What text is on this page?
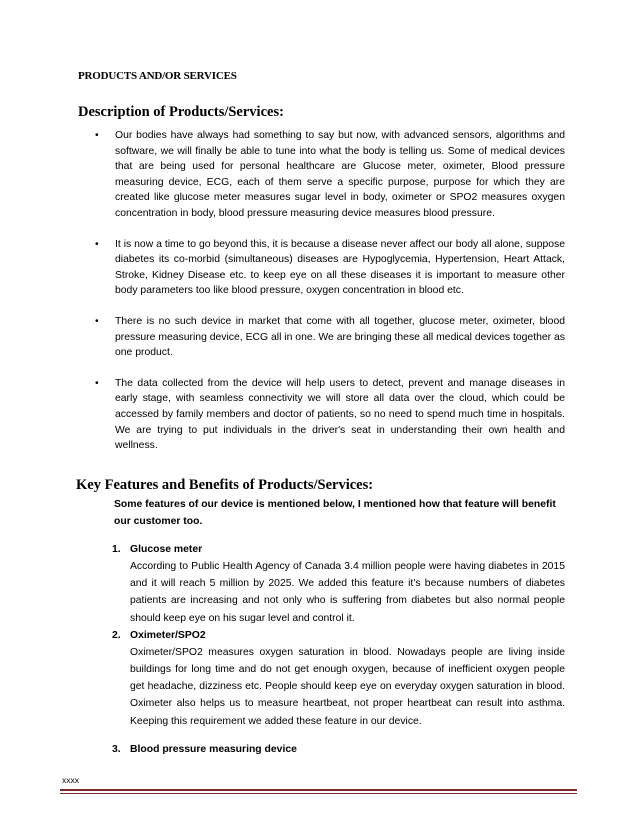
PRODUCTS AND/OR SERVICES
Description of Products/Services:
• Our bodies have always had something to say but now, with advanced sensors, algorithms and software, we will finally be able to tune into what the body is telling us. Some of medical devices that are being used for personal healthcare are Glucose meter, oximeter, Blood pressure measuring device, ECG, each of them serve a specific purpose, purpose for which they are created like glucose meter measures sugar level in body, oximeter or SPO2 measures oxygen concentration in body, blood pressure measuring device measures blood pressure.
• It is now a time to go beyond this, it is because a disease never affect our body all alone, suppose diabetes its co-morbid (simultaneous) diseases are Hypoglycemia, Hypertension, Heart Attack, Stroke, Kidney Disease etc. to keep eye on all these diseases it is important to measure other body parameters too like blood pressure, oxygen concentration in blood etc.
• There is no such device in market that come with all together, glucose meter, oximeter, blood pressure measuring device, ECG all in one. We are bringing these all medical devices together as one product.
• The data collected from the device will help users to detect, prevent and manage diseases in early stage, with seamless connectivity we will store all data over the cloud, which could be accessed by family members and doctor of patients, so no need to spend much time in hospitals. We are trying to put individuals in the driver's seat in understanding their own health and wellness.
Key Features and Benefits of Products/Services:
Some features of our device is mentioned below, I mentioned how that feature will benefit our customer too.
1. Glucose meter
According to Public Health Agency of Canada 3.4 million people were having diabetes in 2015 and it will reach 5 million by 2025. We added this feature it’s because numbers of diabetes patients are increasing and not only who is suffering from diabetes but also normal people should keep eye on his sugar level and control it.
2. Oximeter/SPO2
Oximeter/SPO2 measures oxygen saturation in blood. Nowadays people are living inside buildings for long time and do not get enough oxygen, because of inefficient oxygen people get headache, dizziness etc. People should keep eye on everyday oxygen saturation in blood. Oximeter also helps us to measure heartbeat, not proper heartbeat can result into asthma. Keeping this requirement we added these feature in our device.
3. Blood pressure measuring device
xxxx
